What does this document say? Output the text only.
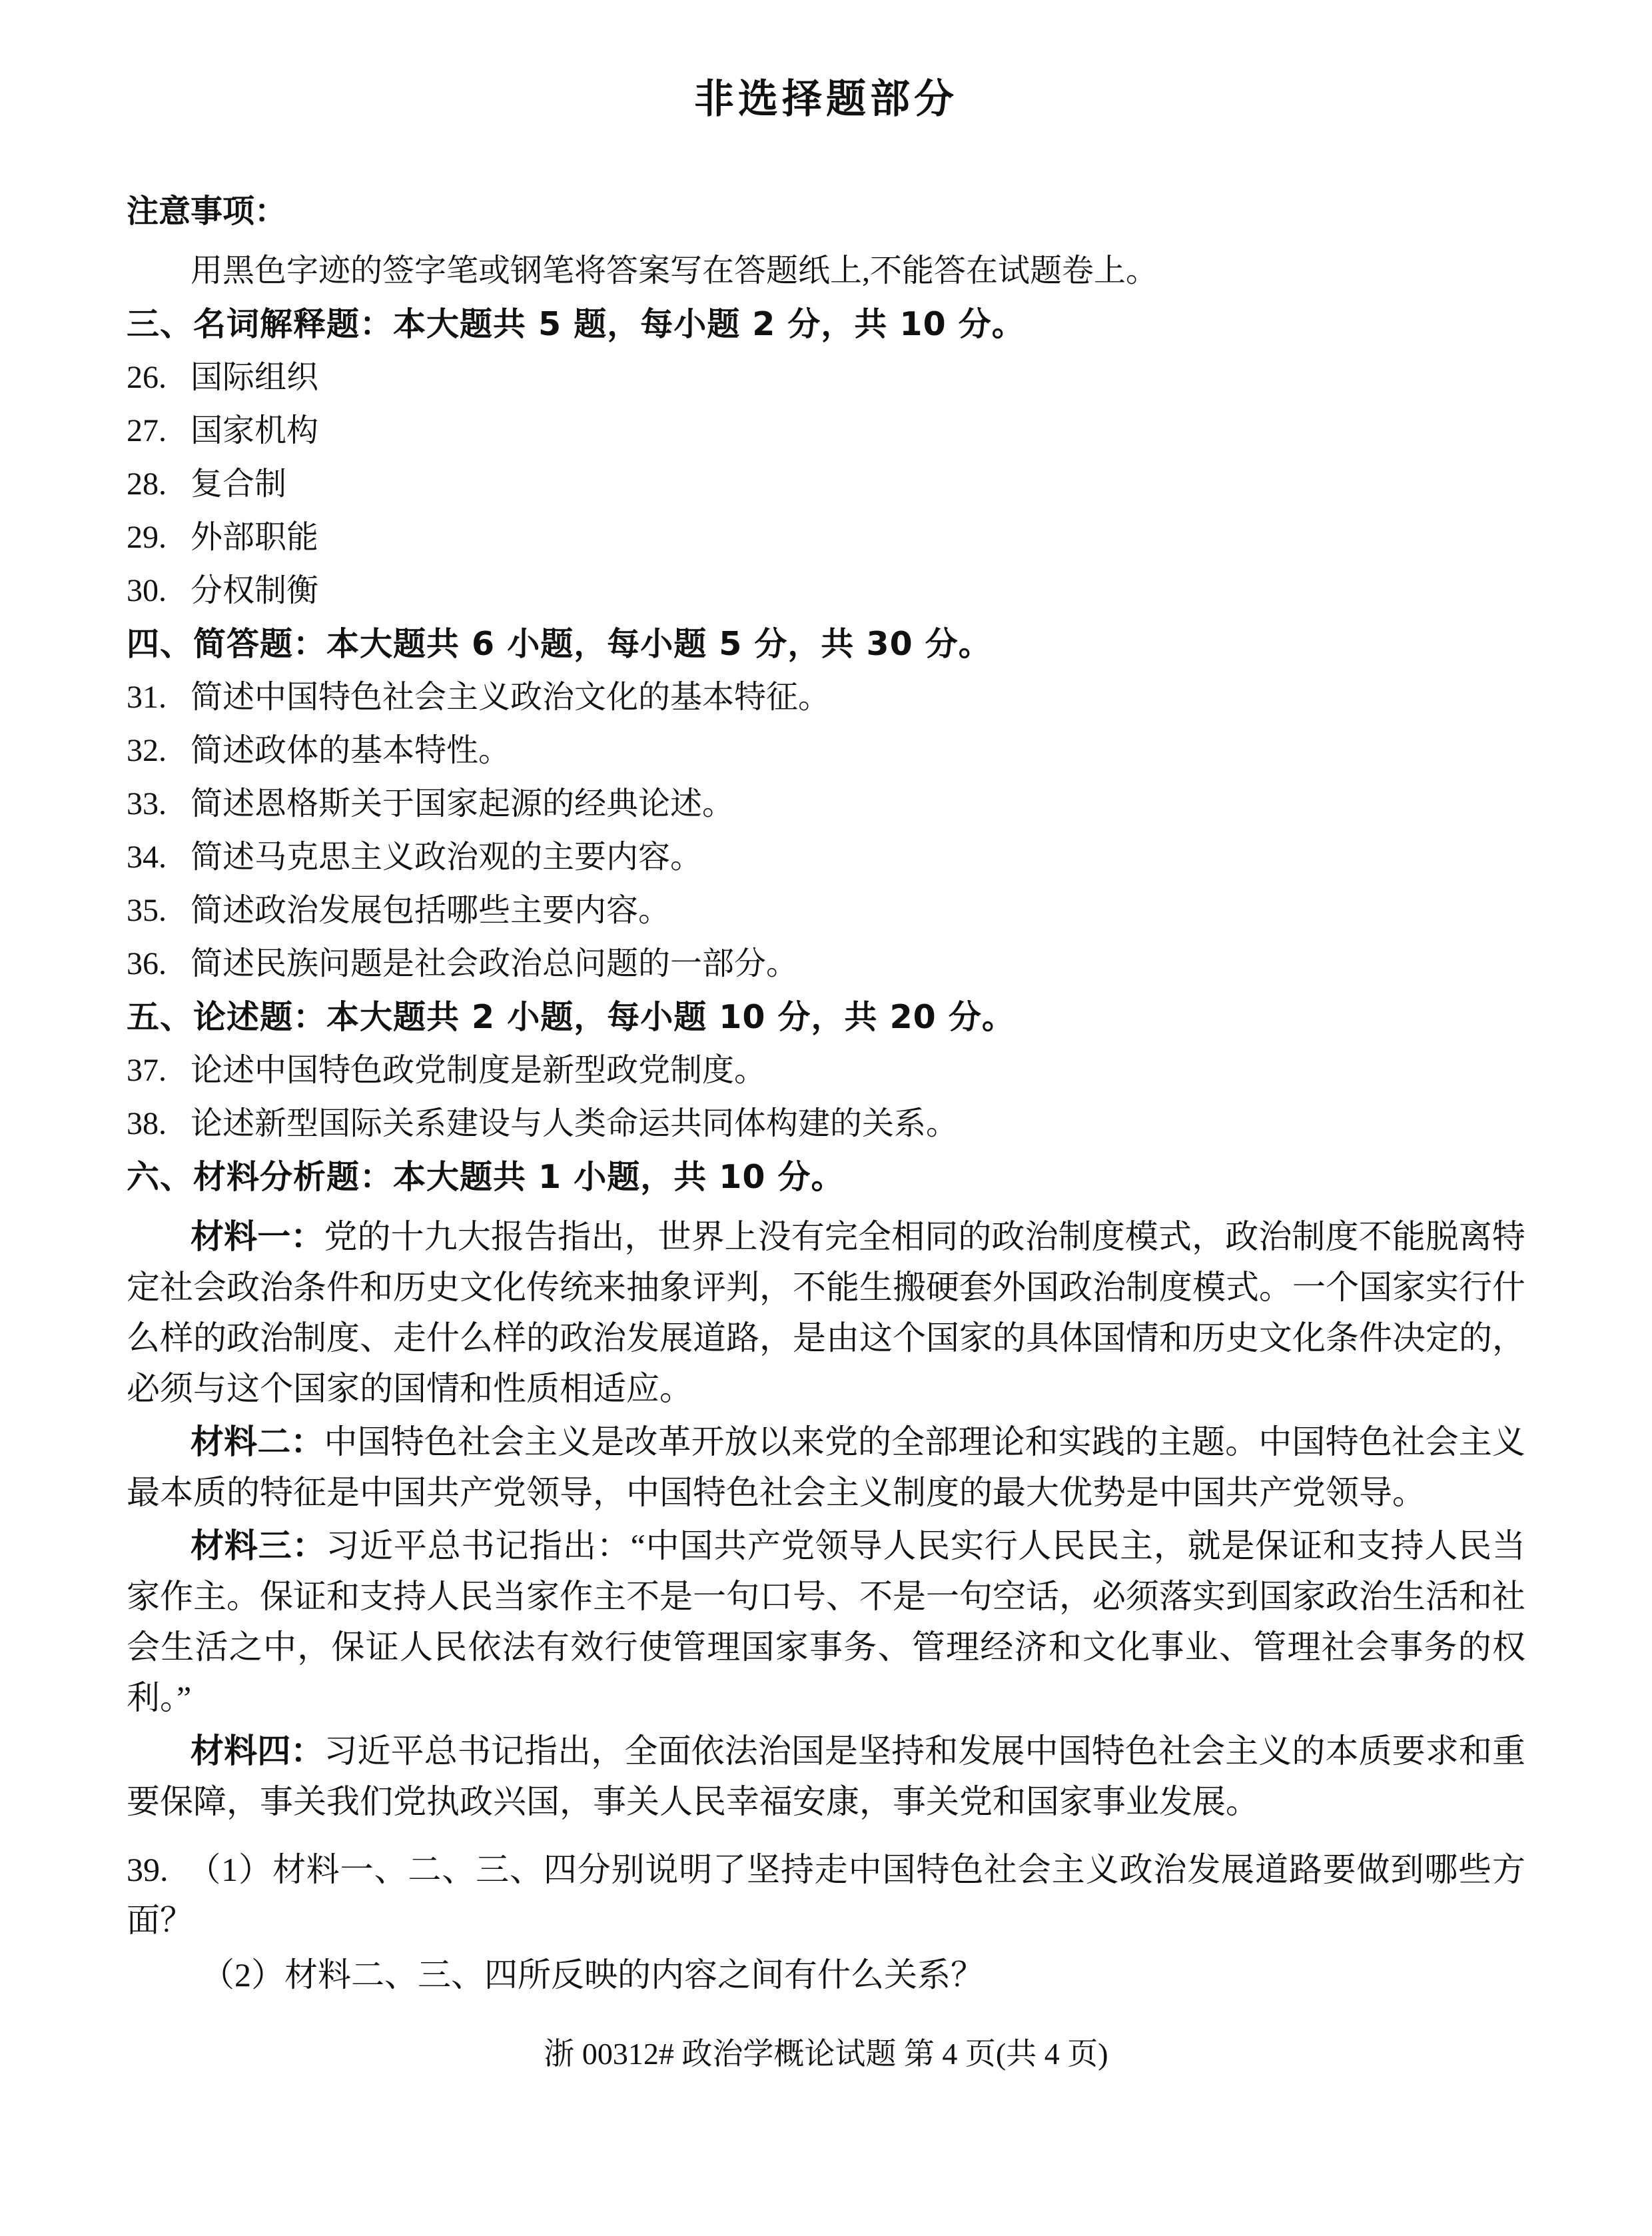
非选择题部分
注意事项：

用黑色字迹的签字笔或钢笔将答案写在答题纸上,不能答在试题卷上。

三、名词解释题：本大题共 5 题，每小题 2 分，共 10 分。
26. 国际组织
27. 国家机构
28. 复合制
29. 外部职能
30. 分权制衡
四、简答题：本大题共 6 小题，每小题 5 分，共 30 分。
31. 简述中国特色社会主义政治文化的基本特征。
32. 简述政体的基本特性。
33. 简述恩格斯关于国家起源的经典论述。
34. 简述马克思主义政治观的主要内容。
35. 简述政治发展包括哪些主要内容。
36. 简述民族问题是社会政治总问题的一部分。
五、论述题：本大题共 2 小题，每小题 10 分，共 20 分。
37. 论述中国特色政党制度是新型政党制度。
38. 论述新型国际关系建设与人类命运共同体构建的关系。
六、材料分析题：本大题共 1 小题，共 10 分。

材料一：党的十九大报告指出，世界上没有完全相同的政治制度模式，政治制度不能脱离特定社会政治条件和历史文化传统来抽象评判，不能生搬硬套外国政治制度模式。一个国家实行什么样的政治制度、走什么样的政治发展道路，是由这个国家的具体国情和历史文化条件决定的，必须与这个国家的国情和性质相适应。

材料二：中国特色社会主义是改革开放以来党的全部理论和实践的主题。中国特色社会主义最本质的特征是中国共产党领导，中国特色社会主义制度的最大优势是中国共产党领导。

材料三：习近平总书记指出：“中国共产党领导人民实行人民民主，就是保证和支持人民当家作主。保证和支持人民当家作主不是一句口号、不是一句空话，必须落实到国家政治生活和社会生活之中，保证人民依法有效行使管理国家事务、管理经济和文化事业、管理社会事务的权利。”

材料四：习近平总书记指出，全面依法治国是坚持和发展中国特色社会主义的本质要求和重要保障，事关我们党执政兴国，事关人民幸福安康，事关党和国家事业发展。

39. （1）材料一、二、三、四分别说明了坚持走中国特色社会主义政治发展道路要做到哪些方面？

（2）材料二、三、四所反映的内容之间有什么关系？

浙 00312# 政治学概论试题 第 4 页(共 4 页)
